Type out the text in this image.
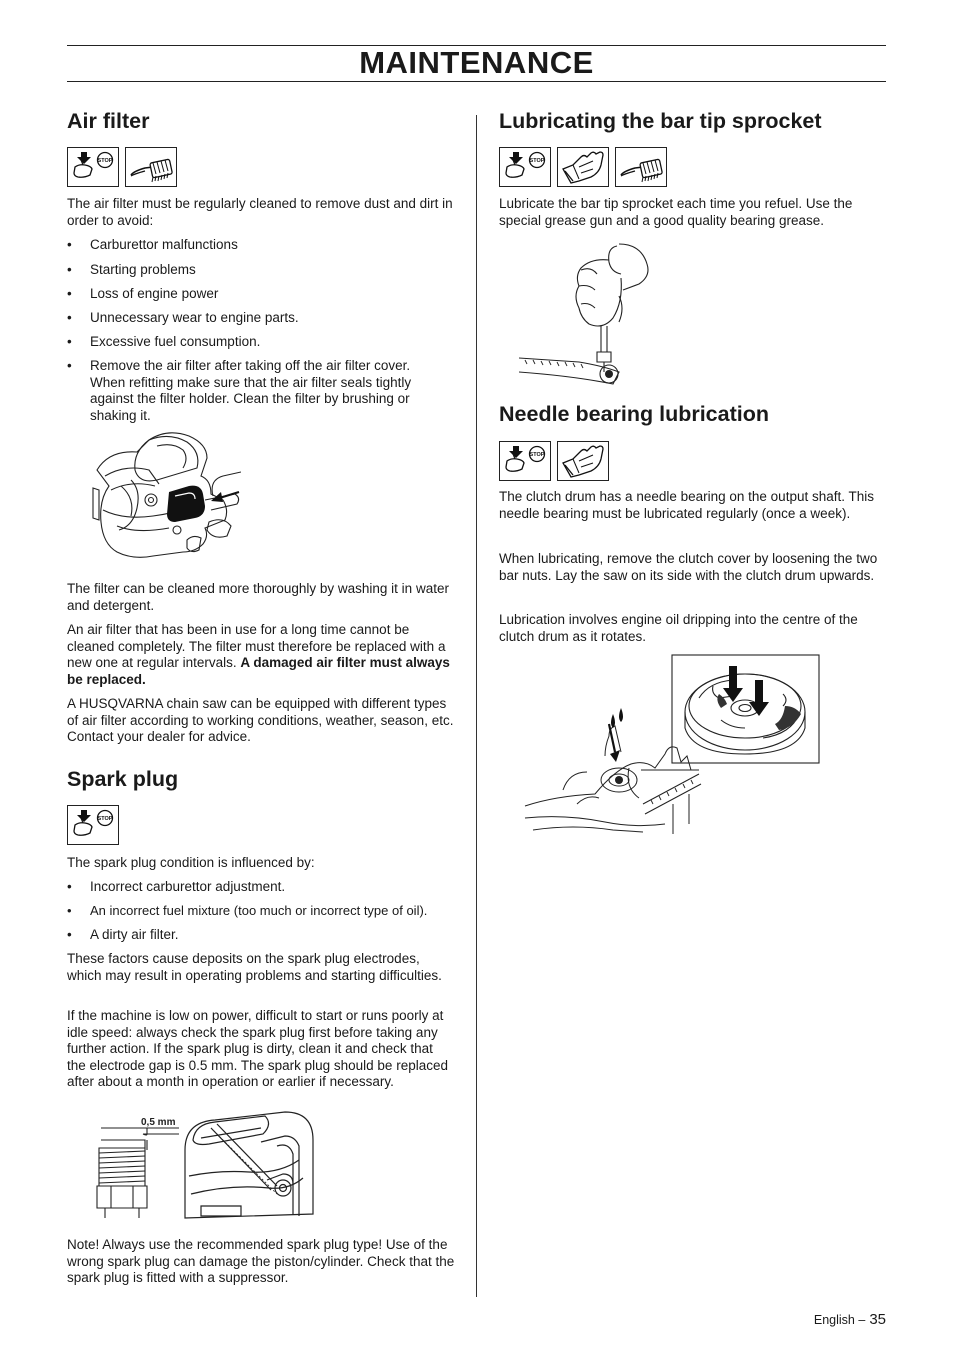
MAINTENANCE
Air filter
STOP

The air filter must be regularly cleaned to remove dust and dirt in order to avoid:

• Carburettor malfunctions
• Starting problems
• Loss of engine power
• Unnecessary wear to engine parts.
• Excessive fuel consumption.
• Remove the air filter after taking off the air filter cover. When refitting make sure that the air filter seals tightly against the filter holder. Clean the filter by brushing or shaking it.

The filter can be cleaned more thoroughly by washing it in water and detergent.

An air filter that has been in use for a long time cannot be cleaned completely. The filter must therefore be replaced with a new one at regular intervals. A damaged air filter must always be replaced.

A HUSQVARNA chain saw can be equipped with different types of air filter according to working conditions, weather, season, etc. Contact your dealer for advice.

Spark plug
STOP

The spark plug condition is influenced by:

• Incorrect carburettor adjustment.
• An incorrect fuel mixture (too much or incorrect type of oil).
• A dirty air filter.

These factors cause deposits on the spark plug electrodes, which may result in operating problems and starting difficulties.

If the machine is low on power, difficult to start or runs poorly at idle speed: always check the spark plug first before taking any further action. If the spark plug is dirty, clean it and check that the electrode gap is 0.5 mm. The spark plug should be replaced after about a month in operation or earlier if necessary.

0,5 mm

Note! Always use the recommended spark plug type! Use of the wrong spark plug can damage the piston/cylinder. Check that the spark plug is fitted with a suppressor.

Lubricating the bar tip sprocket
STOP

Lubricate the bar tip sprocket each time you refuel. Use the special grease gun and a good quality bearing grease.

Needle bearing lubrication
STOP

The clutch drum has a needle bearing on the output shaft. This needle bearing must be lubricated regularly (once a week).

When lubricating, remove the clutch cover by loosening the two bar nuts. Lay the saw on its side with the clutch drum upwards.

Lubrication involves engine oil dripping into the centre of the clutch drum as it rotates.

English – 35
